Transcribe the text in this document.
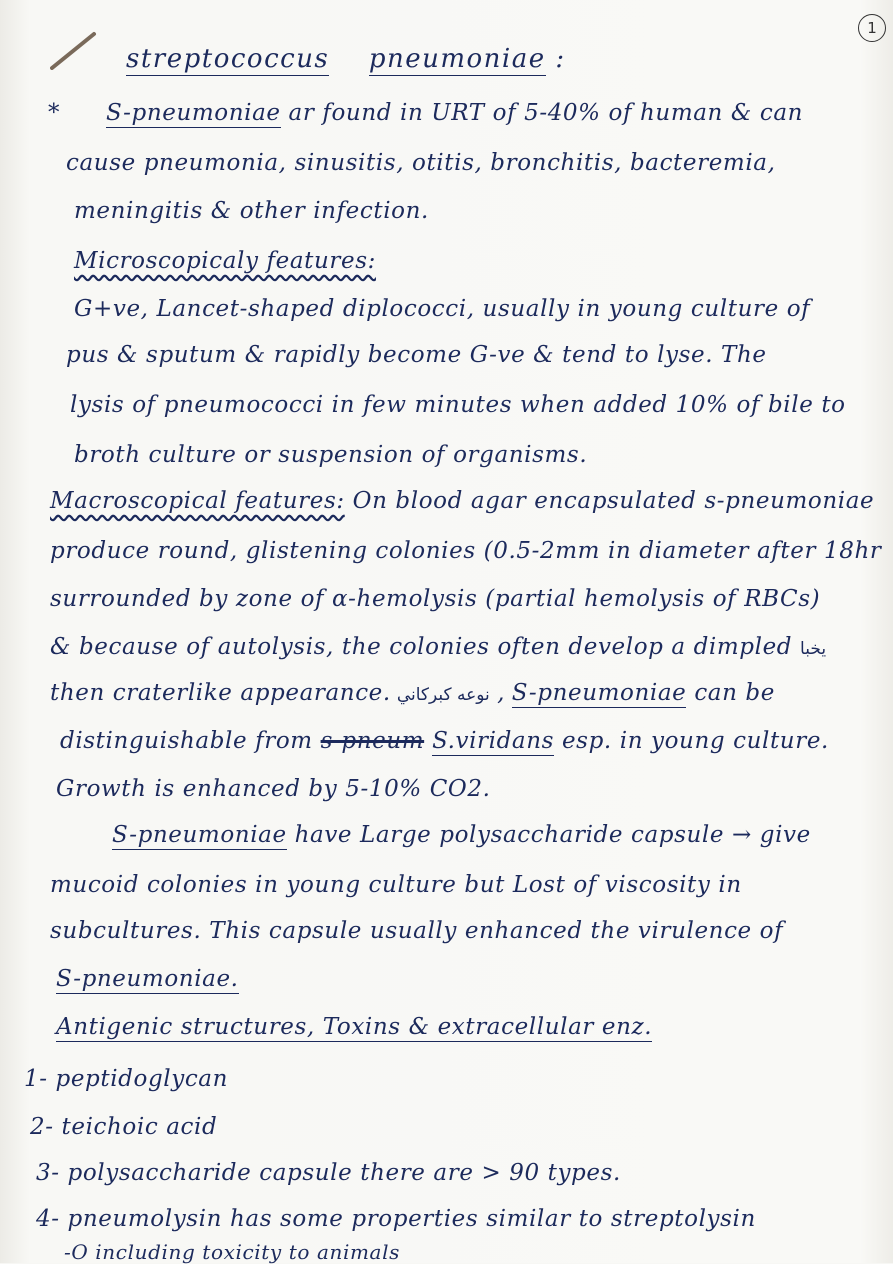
1
streptococcus pneumoniae :
* S-pneumoniae ar found in URT of 5-40% of human & can
cause pneumonia, sinusitis, otitis, bronchitis, bacteremia,
meningitis & other infection.
Microscopicaly features:
G+ve, Lancet-shaped diplococci, usually in young culture of
pus & sputum & rapidly become G-ve & tend to lyse. The
lysis of pneumococci in few minutes when added 10% of bile to
broth culture or suspension of organisms.
Macroscopical features: On blood agar encapsulated s-pneumoniae
produce round, glistening colonies (0.5-2mm in diameter after 18hr
surrounded by zone of α-hemolysis (partial hemolysis of RBCs)
& because of autolysis, the colonies often develop a dimpled يخبا
then craterlike appearance. نوعه كبركاني , S-pneumoniae can be
distinguishable from s-pneum S.viridans esp. in young culture.
Growth is enhanced by 5-10% CO2.
S-pneumoniae have Large polysaccharide capsule → give
mucoid colonies in young culture but Lost of viscosity in
subcultures. This capsule usually enhanced the virulence of
S-pneumoniae.
Antigenic structures, Toxins & extracellular enz.
1- peptidoglycan
2- teichoic acid
3- polysaccharide capsule there are > 90 types.
4- pneumolysin has some properties similar to streptolysin
-O including toxicity to animals
